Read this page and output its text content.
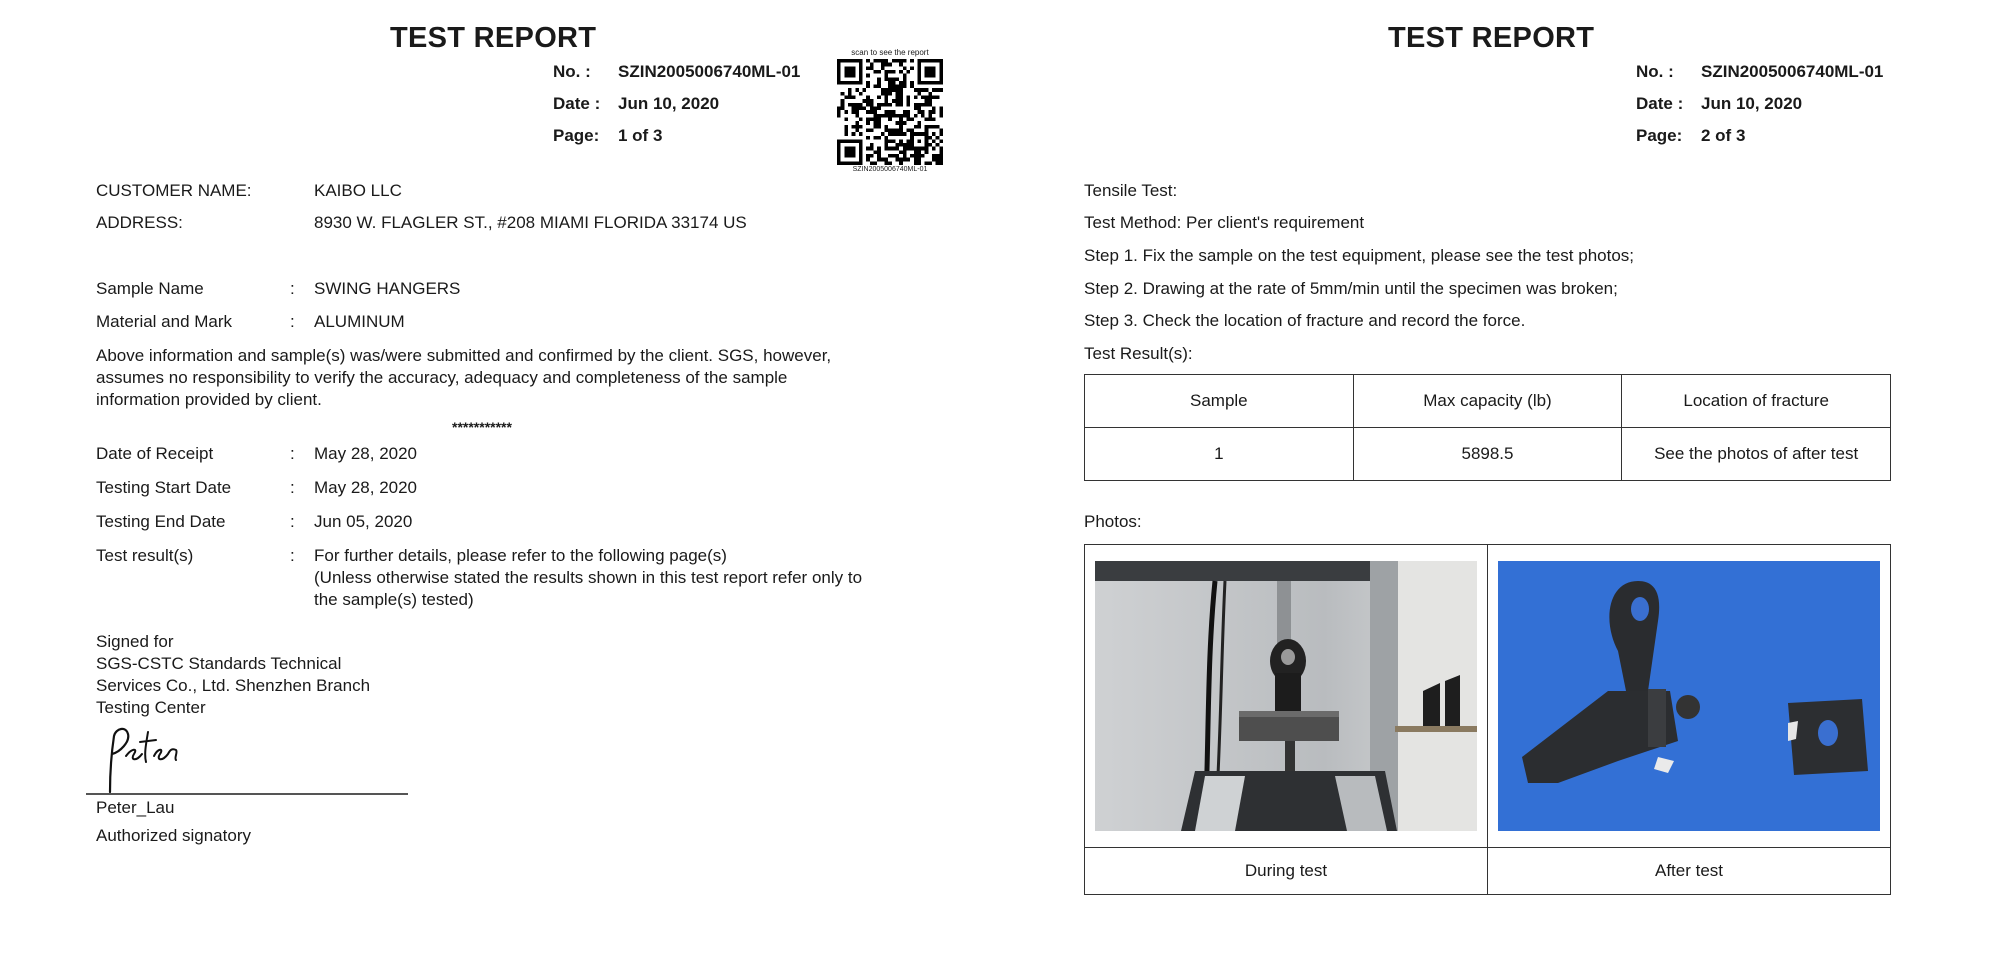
TEST REPORT
No. : SZIN2005006740ML-01
Date : Jun 10, 2020
Page: 1 of 3
scan to see the report
SZIN2005006740ML-01
CUSTOMER NAME:	KAIBO LLC
ADDRESS:	8930 W. FLAGLER ST., #208 MIAMI FLORIDA 33174 US
Sample Name	: SWING HANGERS
Material and Mark	: ALUMINUM
Above information and sample(s) was/were submitted and confirmed by the client. SGS, however,
assumes no responsibility to verify the accuracy, adequacy and completeness of the sample
information provided by client.
***********
Date of Receipt	: May 28, 2020
Testing Start Date	: May 28, 2020
Testing End Date	: Jun 05, 2020
Test result(s)	: For further details, please refer to the following page(s)
(Unless otherwise stated the results shown in this test report refer only to
the sample(s) tested)
Signed for
SGS-CSTC Standards Technical
Services Co., Ltd. Shenzhen Branch
Testing Center
Peter_Lau
Authorized signatory
TEST REPORT
No. : SZIN2005006740ML-01
Date : Jun 10, 2020
Page: 2 of 3
Tensile Test:
Test Method: Per client's requirement
Step 1. Fix the sample on the test equipment, please see the test photos;
Step 2. Drawing at the rate of 5mm/min until the specimen was broken;
Step 3. Check the location of fracture and record the force.
Test Result(s):
Sample	Max capacity (lb)	Location of fracture
1	5898.5	See the photos of after test
Photos:

During test	After test
